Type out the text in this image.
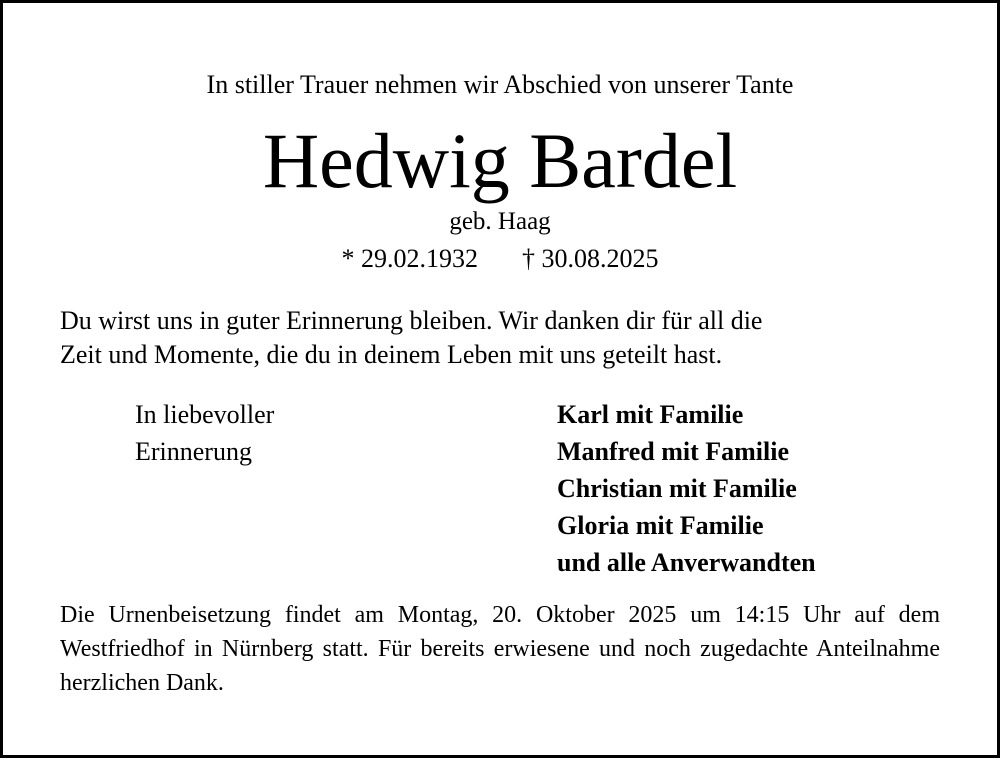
In stiller Trauer nehmen wir Abschied von unserer Tante
Hedwig Bardel
geb. Haag
* 29.02.1932 † 30.08.2025
Du wirst uns in guter Erinnerung bleiben. Wir danken dir für all die
Zeit und Momente, die du in deinem Leben mit uns geteilt hast.
In liebevoller
Erinnerung
Karl mit Familie
Manfred mit Familie
Christian mit Familie
Gloria mit Familie
und alle Anverwandten
Die Urnenbeisetzung findet am Montag, 20. Oktober 2025 um 14:15 Uhr auf dem Westfriedhof in Nürnberg statt. Für bereits erwiesene und noch zugedachte Anteilnahme herzlichen Dank.
